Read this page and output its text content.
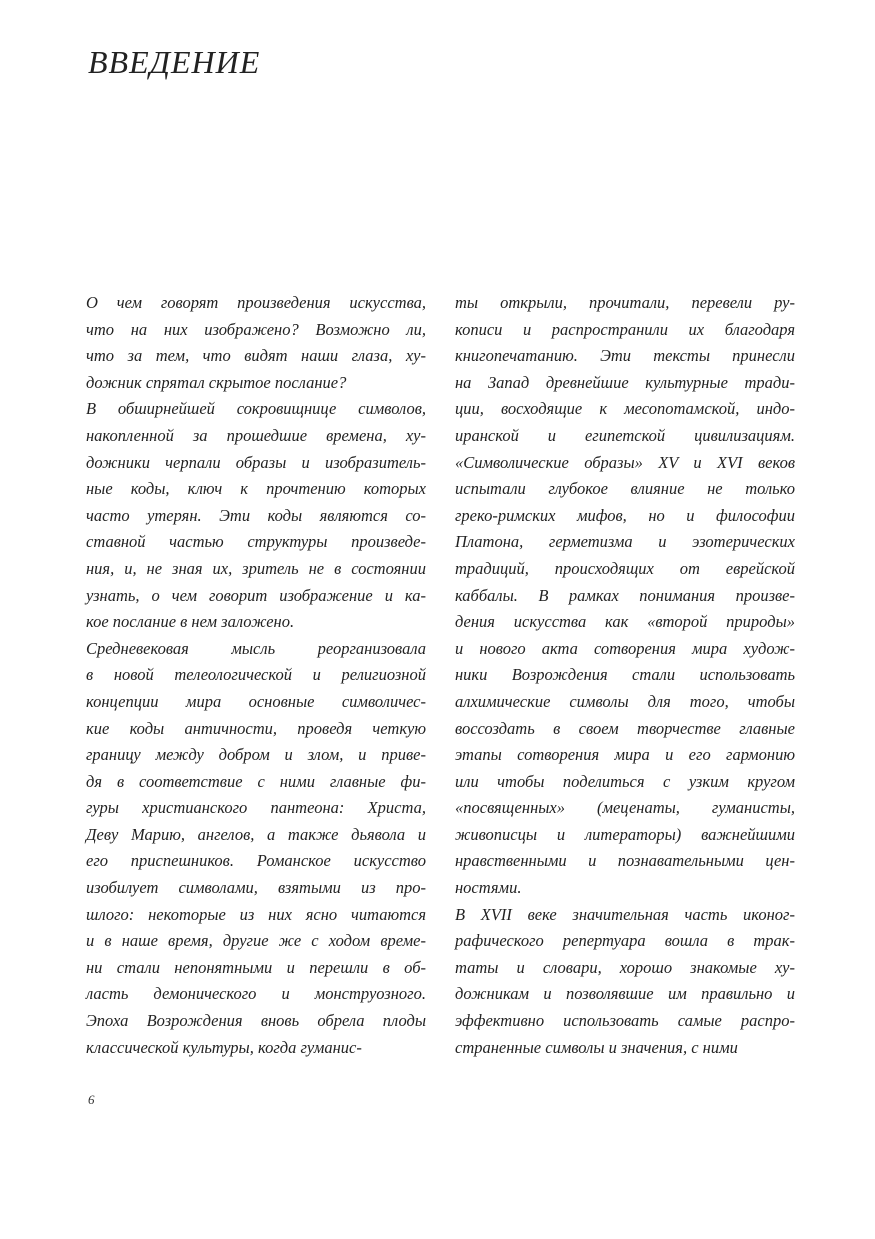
ВВЕДЕНИЕ
О чем говорят произведения искусства,
что на них изображено? Возможно ли,
что за тем, что видят наши глаза, ху-
дожник спрятал скрытое послание?
В обширнейшей сокровищнице символов,
накопленной за прошедшие времена, ху-
дожники черпали образы и изобразитель-
ные коды, ключ к прочтению которых
часто утерян. Эти коды являются со-
ставной частью структуры произведе-
ния, и, не зная их, зритель не в состоянии
узнать, о чем говорит изображение и ка-
кое послание в нем заложено.
Средневековая мысль реорганизовала
в новой телеологической и религиозной
концепции мира основные символичес-
кие коды античности, проведя четкую
границу между добром и злом, и приве-
дя в соответствие с ними главные фи-
гуры христианского пантеона: Христа,
Деву Марию, ангелов, а также дьявола и
его приспешников. Романское искусство
изобилует символами, взятыми из про-
шлого: некоторые из них ясно читаются
и в наше время, другие же с ходом време-
ни стали непонятными и перешли в об-
ласть демонического и монструозного.
Эпоха Возрождения вновь обрела плоды
классической культуры, когда гуманис-
ты открыли, прочитали, перевели ру-
кописи и распространили их благодаря
книгопечатанию. Эти тексты принесли
на Запад древнейшие культурные тради-
ции, восходящие к месопотамской, индо-
иранской и египетской цивилизациям.
«Символические образы» XV и XVI веков
испытали глубокое влияние не только
греко-римских мифов, но и философии
Платона, герметизма и эзотерических
традиций, происходящих от еврейской
каббалы. В рамках понимания произве-
дения искусства как «второй природы»
и нового акта сотворения мира худож-
ники Возрождения стали использовать
алхимические символы для того, чтобы
воссоздать в своем творчестве главные
этапы сотворения мира и его гармонию
или чтобы поделиться с узким кругом
«посвященных» (меценаты, гуманисты,
живописцы и литераторы) важнейшими
нравственными и познавательными цен-
ностями.
В XVII веке значительная часть иконог-
рафического репертуара вошла в трак-
таты и словари, хорошо знакомые ху-
дожникам и позволявшие им правильно и
эффективно использовать самые распро-
страненные символы и значения, с ними
6
